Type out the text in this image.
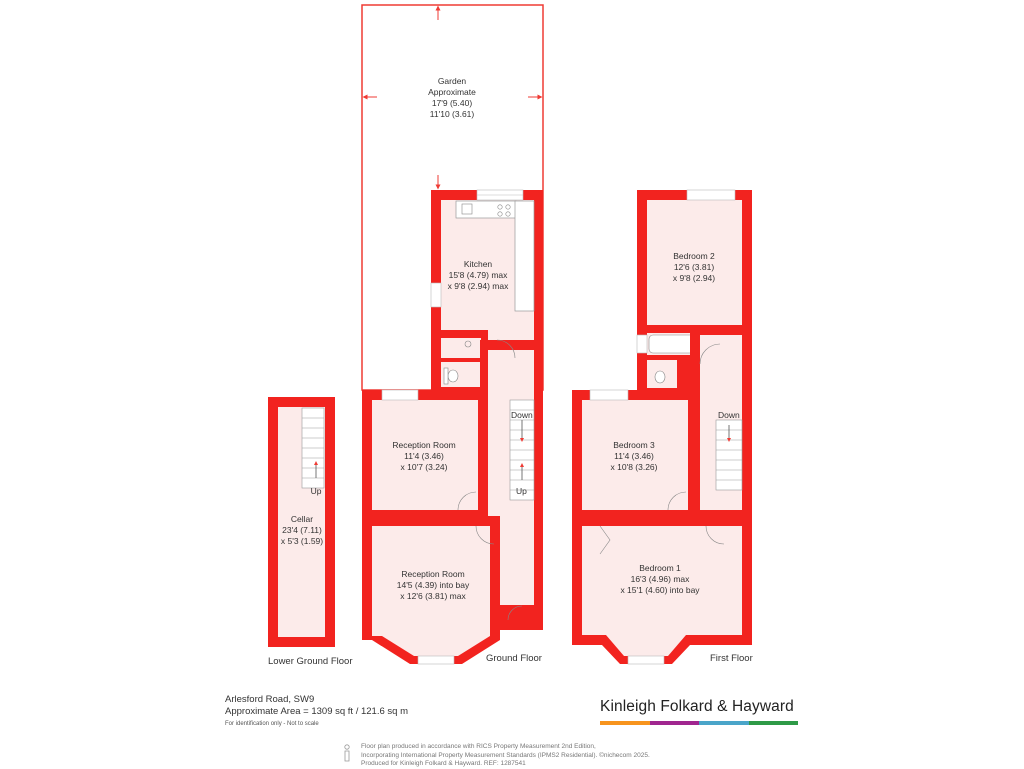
Garden
Approximate
17'9 (5.40)
11'10 (3.61)
Kitchen
15'8 (4.79) max
x 9'8 (2.94) max
Reception Room
11'4 (3.46)
x 10'7 (3.24)
Reception Room
14'5 (4.39) into bay
x 12'6 (3.81) max
Cellar
23'4 (7.11)
x 5'3 (1.59)
Bedroom 2
12'6 (3.81)
x 9'8 (2.94)
Bedroom 3
11'4 (3.46)
x 10'8 (3.26)
Bedroom 1
16'3 (4.96) max
x 15'1 (4.60) into bay
Down
Up
Up
Down
Lower Ground Floor	Ground Floor	First Floor
Arlesford Road, SW9
Approximate Area = 1309 sq ft / 121.6 sq m
For identification only - Not to scale
Kinleigh Folkard & Hayward
Floor plan produced in accordance with RICS Property Measurement 2nd Edition,
Incorporating International Property Measurement Standards (IPMS2 Residential). ©nichecom 2025.
Produced for Kinleigh Folkard & Hayward. REF: 1287541
